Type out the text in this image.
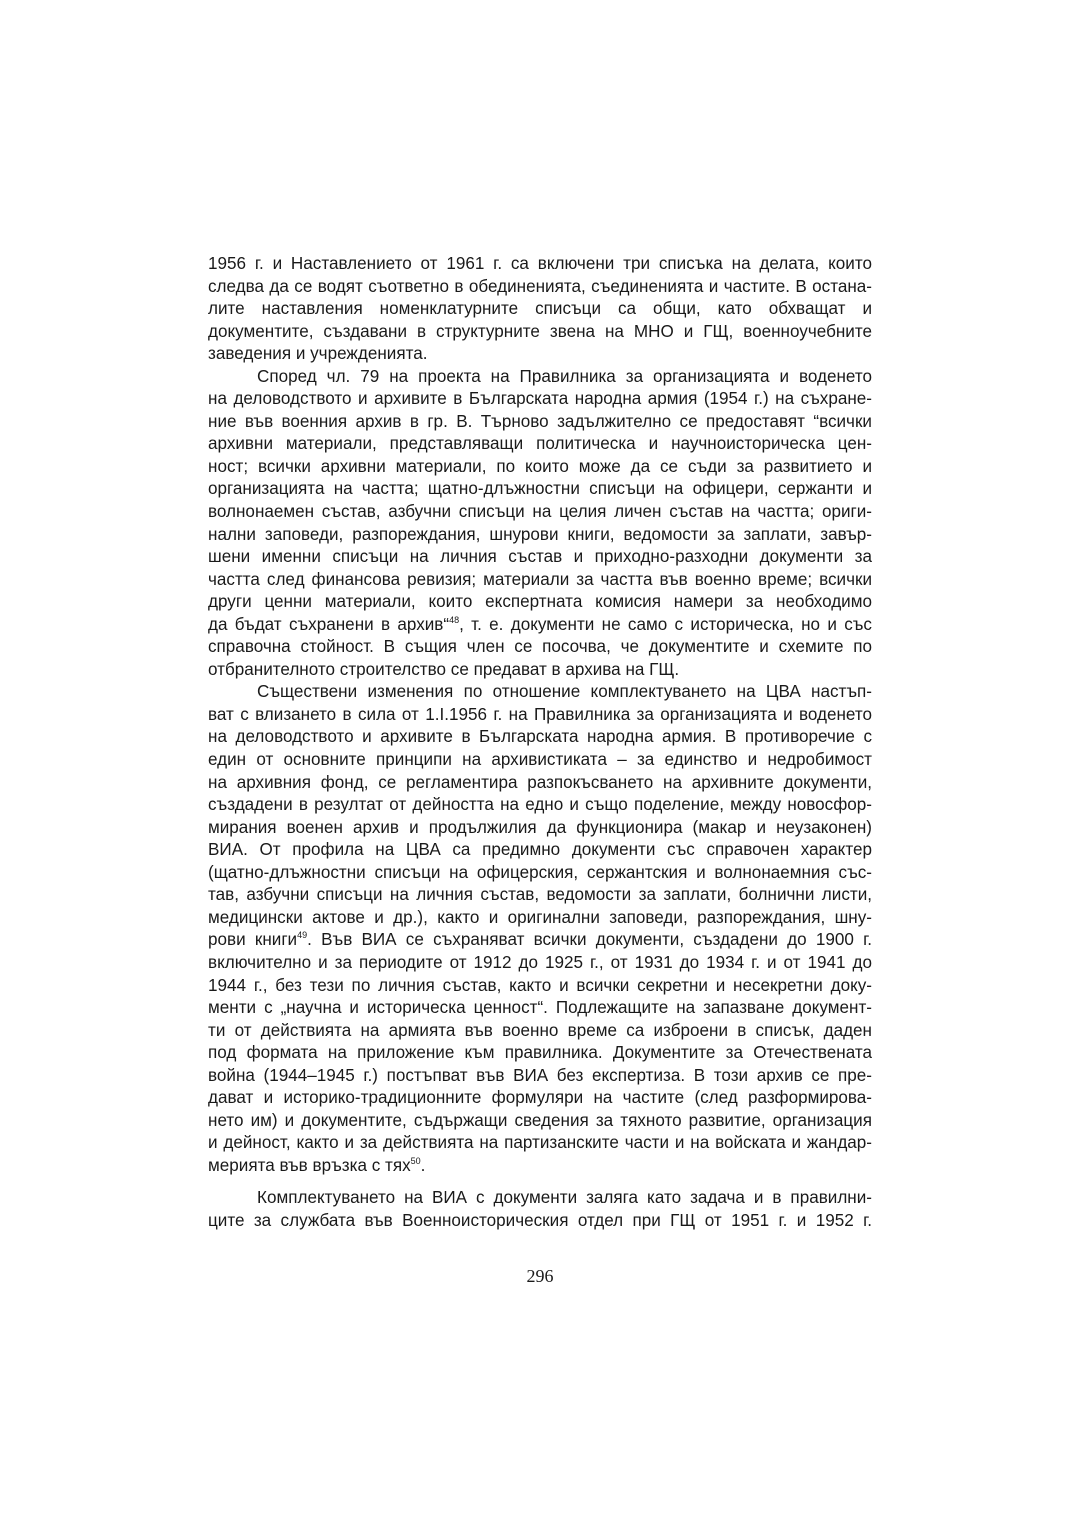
1956 г. и Наставлението от 1961 г. са включени три списъка на делата, които
следва да се водят съответно в обединенията, съединенията и частите. В остана-
лите наставления номенклатурните списъци са общи, като обхващат и
документите, създавани в структурните звена на МНО и ГЩ, военноучебните
заведения и учрежденията.
Според чл. 79 на проекта на Правилника за организацията и воденето
на деловодството и архивите в Българската народна армия (1954 г.) на съхране-
ние във военния архив в гр. В. Търново задължително се предоставят “всички
архивни материали, представляващи политическа и научноисторическа цен-
ност; всички архивни материали, по които може да се съди за развитието и
организацията на частта; щатно-длъжностни списъци на офицери, сержанти и
волнонаемен състав, азбучни списъци на целия личен състав на частта; ориги-
нални заповеди, разпореждания, шнурови книги, ведомости за заплати, завър-
шени именни списъци на личния състав и приходно-разходни документи за
частта след финансова ревизия; материали за частта във военно време; всички
други ценни материали, които експертната комисия намери за необходимо
да бъдат съхранени в архив“$^{48}$, т. е. документи не само с историческа, но и със
справочна стойност. В същия член се посочва, че документите и схемите по
отбранителното строителство се предават в архива на ГЩ.
Съществени изменения по отношение комплектуването на ЦВА настъп-
ват с влизането в сила от 1.I.1956 г. на Правилника за организацията и воденето
на деловодството и архивите в Българската народна армия. В противоречие с
един от основните принципи на архивистиката – за единство и недробимост
на архивния фонд, се регламентира разпокъсването на архивните документи,
създадени в резултат от дейността на едно и също поделение, между новосфор-
мирания военен архив и продължилия да функционира (макар и неузаконен)
ВИА. От профила на ЦВА са предимно документи със справочен характер
(щатно-длъжностни списъци на офицерския, сержантския и волнонаемния със-
тав, азбучни списъци на личния състав, ведомости за заплати, болнични листи,
медицински актове и др.), както и оригинални заповеди, разпореждания, шну-
рови книги$^{49}$. Във ВИА се съхраняват всички документи, създадени до 1900 г.
включително и за периодите от 1912 до 1925 г., от 1931 до 1934 г. и от 1941 до
1944 г., без тези по личния състав, както и всички секретни и несекретни доку-
менти с „научна и историческа ценност“. Подлежащите на запазване документ-
ти от действията на армията във военно време са изброени в списък, даден
под формата на приложение към правилника. Документите за Отечествената
война (1944–1945 г.) постъпват във ВИА без експертиза. В този архив се пре-
дават и историко-традиционните формуляри на частите (след разформирова-
нето им) и документите, съдържащи сведения за тяхното развитие, организация
и дейност, както и за действията на партизанските части и на войската и жандар-
мерията във връзка с тях$^{50}$.
Комплектуването на ВИА с документи заляга като задача и в правилни-
ците за службата във Военноисторическия отдел при ГЩ от 1951 г. и 1952 г.
296
